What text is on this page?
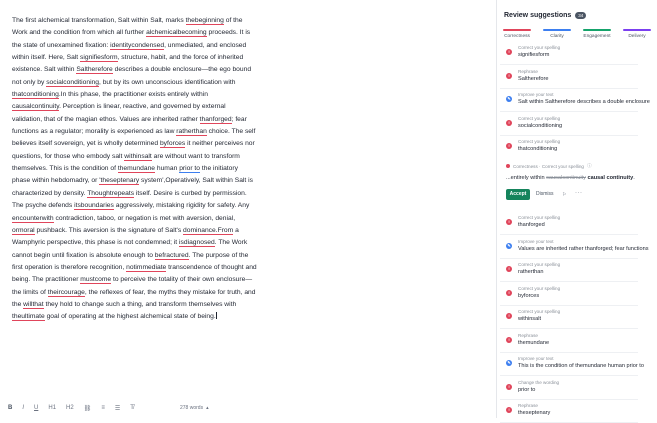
The first alchemical transformation, Salt within Salt, marks thebeginning of the Work and the condition from which all further alchemicalbecoming proceeds. It is the state of unexamined fixation: identitycondensed, unmediated, and enclosed within itself. Here, Salt signifiesform, structure, habit, and the force of inherited existence. Salt within Saltherefore describes a double enclosure—the ego bound not only by socialconditioning, but by its own unconscious identification with thatconditioning.In this phase, the practitioner exists entirely within causalcontinuity. Perception is linear, reactive, and governed by external validation, that of the magian ethos. Values are inherited rather thanforged; fear functions as a regulator; morality is experienced as law ratherthan choice. The self believes itself sovereign, yet is wholly determined byforces it neither perceives nor questions, for those who embody salt withinsalt are without want to transform themselves. This is the condition of themundane human prior to the initiatory phase within hebdomadry, or 'theseptenary system',Operatively, Salt within Salt is characterized by density. Thoughtrepeats itself. Desire is curbed by permission. The psyche defends itsboundaries aggressively, mistaking rigidity for safety. Any encounterwith contradiction, taboo, or negation is met with aversion, denial, ormoral pushback. This aversion is the signature of Salt's dominance.From a Wamphyric perspective, this phase is not condemned; it isdiagnosed. The Work cannot begin until fixation is absolute enough to befractured. The purpose of the first operation is therefore recognition, notimmediate transcendence of thought and being. The practitioner mustcome to perceive the totality of their own enclosure—the limits of theircourage, the reflexes of fear, the myths they mistake for truth, and the willthat they hold to change such a thing, and transform themselves with theultimate goal of operating at the highest alchemical state of being.

B I U H1 H2 ⛓ ≡ ☰ T̸	278 words ▴
Review suggestions	34
Correctness	Clarity	Engagement	Delivery
!
Correct your spelling
signifiesform
!
Rephrase
Saltherefore
✎
Improve your text
Salt within Saltherefore describes a double enclosure
!
Correct your spelling
socialconditioning
!
Correct your spelling
thatconditioning
!
Correct your spelling
thanforged
✎
Improve your text
Values are inherited rather thanforged; fear functions
!
Correct your spelling
ratherthan
!
Correct your spelling
byforces
!
Correct your spelling
withinsalt
!
Rephrase
themundane
✎
Improve your text
This is the condition of themundane human prior to
!
Change the wording
prior to
!
Rephrase
theseptenary
Correctness · Correct your spelling ⓘ
...entirely within causalcontinuity causal continuity.
Accept	Dismiss ⚐ ···
